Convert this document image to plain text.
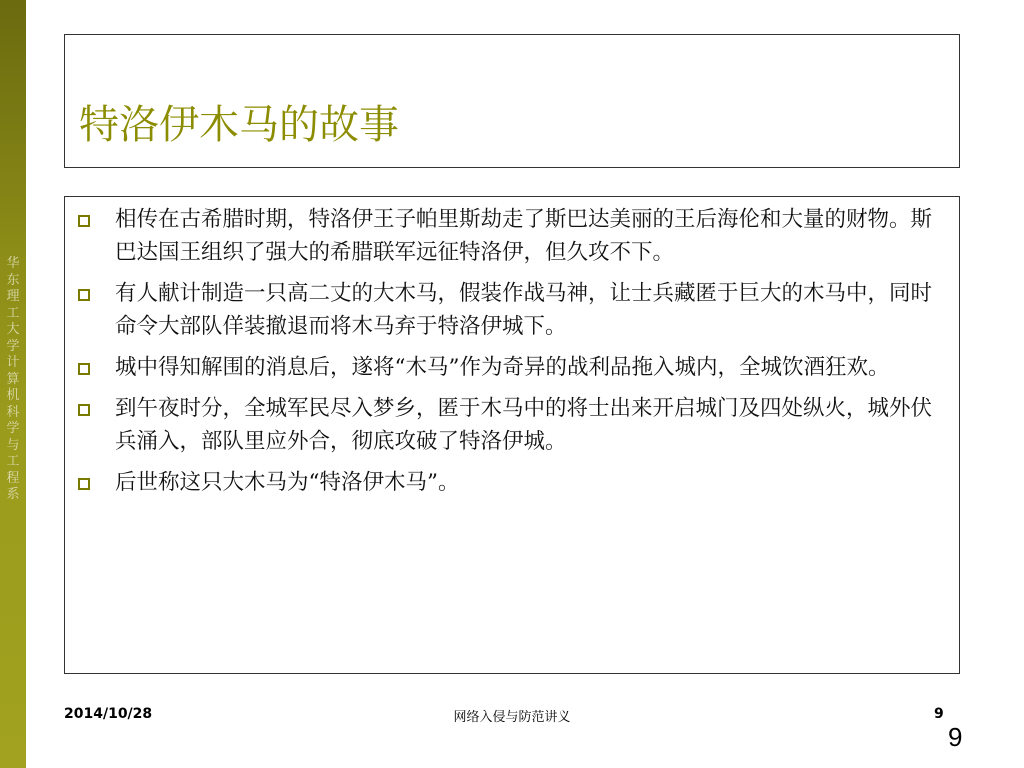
华东理工大学计算机科学与工程系
特洛伊木马的故事
相传在古希腊时期，特洛伊王子帕里斯劫走了斯巴达美丽的王后海伦和大量的财物。斯巴达国王组织了强大的希腊联军远征特洛伊，但久攻不下。
有人献计制造一只高二丈的大木马，假装作战马神，让士兵藏匿于巨大的木马中，同时命令大部队佯装撤退而将木马弃于特洛伊城下。
城中得知解围的消息后，遂将“木马”作为奇异的战利品拖入城内，全城饮酒狂欢。
到午夜时分，全城军民尽入梦乡，匿于木马中的将士出来开启城门及四处纵火，城外伏兵涌入，部队里应外合，彻底攻破了特洛伊城。
后世称这只大木马为“特洛伊木马”。
2014/10/28	网络入侵与防范讲义	9
9
